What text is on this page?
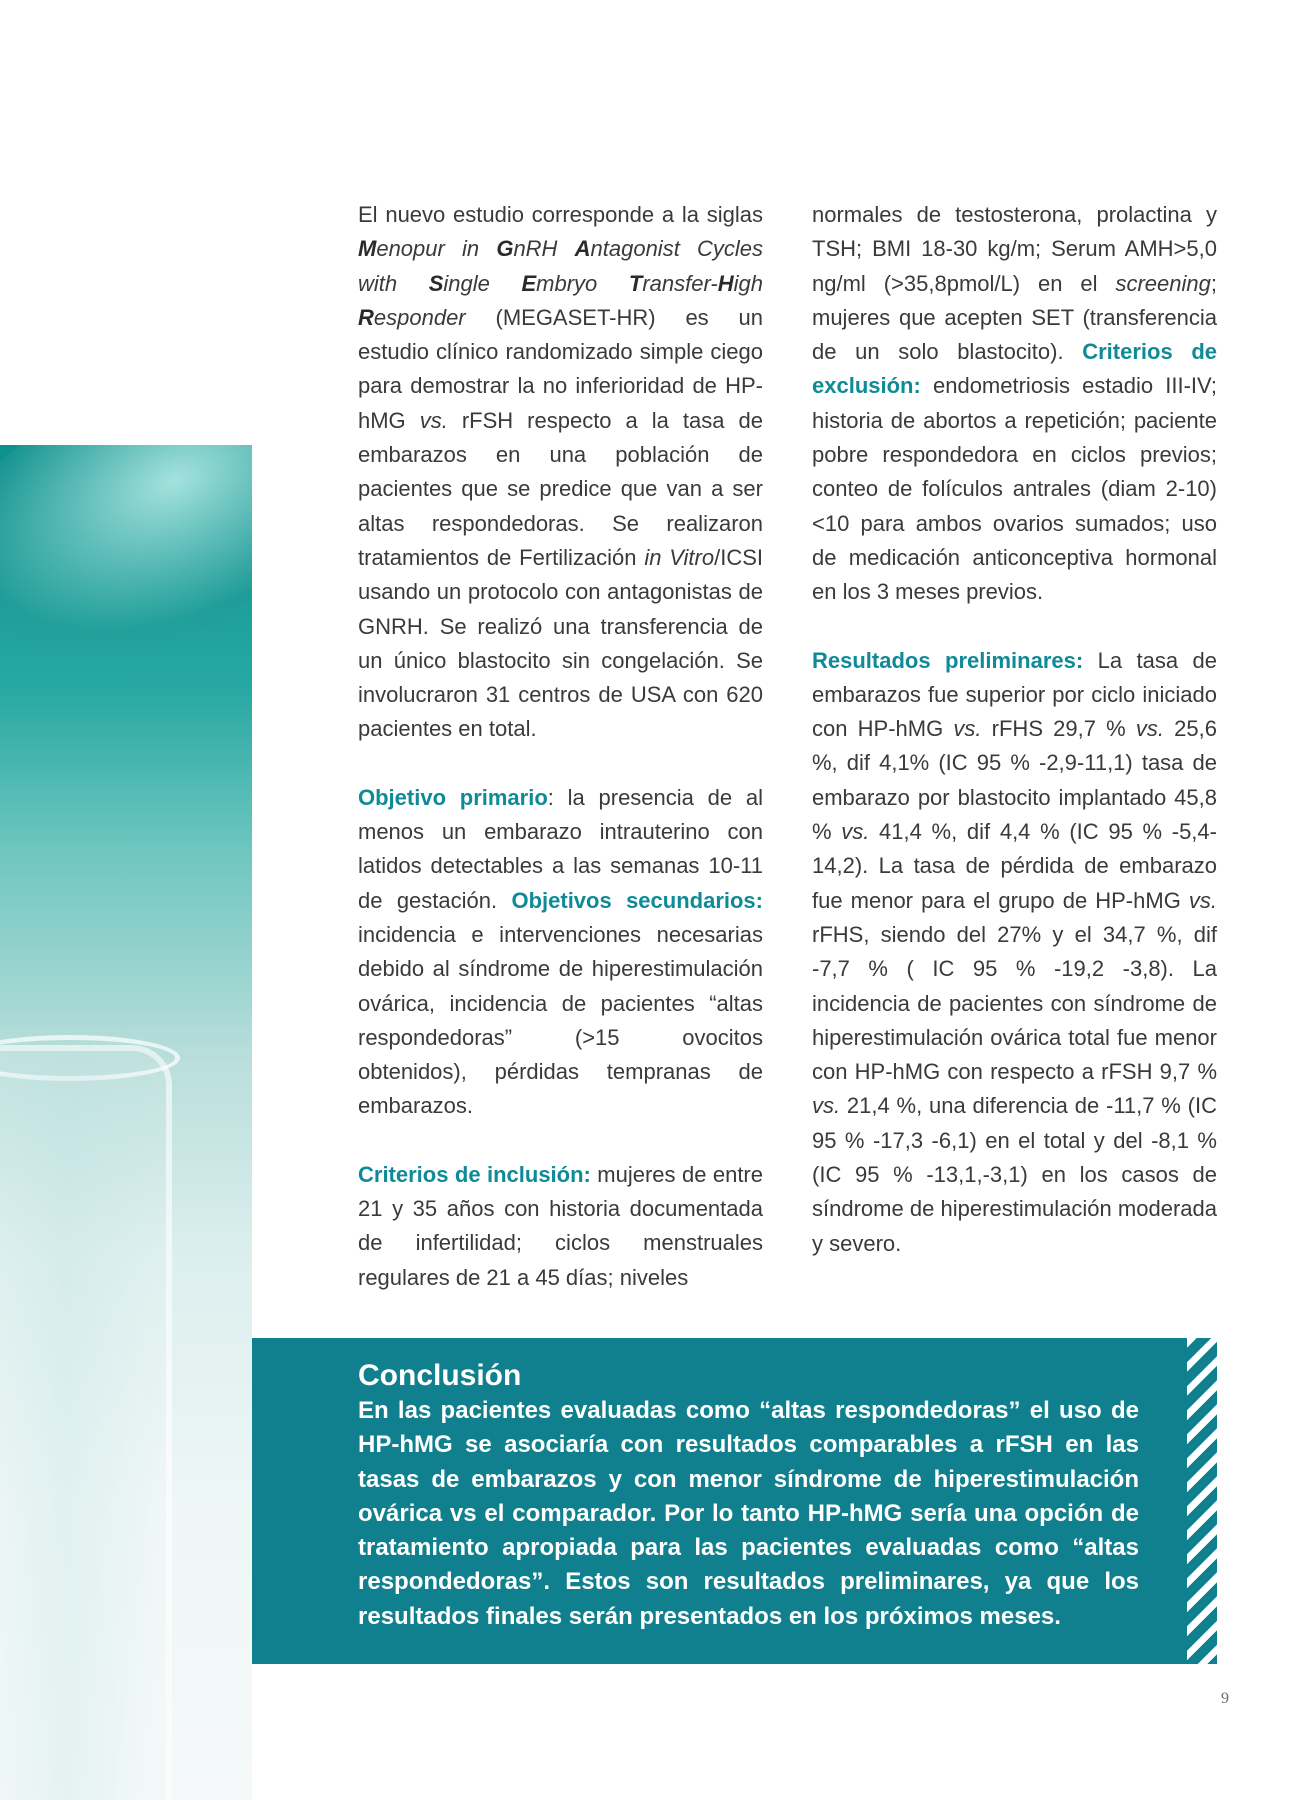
El nuevo estudio corresponde a la siglas Menopur in GnRH Antagonist Cycles with Single Embryo Transfer-High Responder (MEGASET-HR) es un estudio clínico randomizado simple ciego para demostrar la no inferioridad de HP-hMG vs. rFSH respecto a la tasa de embarazos en una población de pacientes que se predice que van a ser altas respondedoras. Se realizaron tratamientos de Fertilización in Vitro/ICSI usando un protocolo con antagonistas de GNRH. Se realizó una transferencia de un único blastocito sin congelación. Se involucraron 31 centros de USA con 620 pacientes en total.

Objetivo primario: la presencia de al menos un embarazo intrauterino con latidos detectables a las semanas 10-11 de gestación. Objetivos secundarios: incidencia e intervenciones necesarias debido al síndrome de hiperestimulación ovárica, incidencia de pacientes “altas respondedoras” (>15 ovocitos obtenidos), pérdidas tempranas de embarazos.

Criterios de inclusión: mujeres de entre 21 y 35 años con historia documentada de infertilidad; ciclos menstruales regulares de 21 a 45 días; niveles

normales de testosterona, prolactina y TSH; BMI 18-30 kg/m; Serum AMH>5,0 ng/ml (>35,8pmol/L) en el screening; mujeres que acepten SET (transferencia de un solo blastocito). Criterios de exclusión: endometriosis estadio III-IV; historia de abortos a repetición; paciente pobre respondedora en ciclos previos; conteo de folículos antrales (diam 2-10) <10 para ambos ovarios sumados; uso de medicación anticonceptiva hormonal en los 3 meses previos.

Resultados preliminares: La tasa de embarazos fue superior por ciclo iniciado con HP-hMG vs. rFHS 29,7 % vs. 25,6 %, dif 4,1% (IC 95 % -2,9-11,1) tasa de embarazo por blastocito implantado 45,8 % vs. 41,4 %, dif 4,4 % (IC 95 % -5,4-14,2). La tasa de pérdida de embarazo fue menor para el grupo de HP-hMG vs. rFHS, siendo del 27% y el 34,7 %, dif -7,7 % ( IC 95 % -19,2 -3,8). La incidencia de pacientes con síndrome de hiperestimulación ovárica total fue menor con HP-hMG con respecto a rFSH 9,7 % vs. 21,4 %, una diferencia de -11,7 % (IC 95 % -17,3 -6,1) en el total y del -8,1 % (IC 95 % -13,1,-3,1) en los casos de síndrome de hiperestimulación moderada y severo.

Conclusión
En las pacientes evaluadas como “altas respondedoras” el uso de HP-hMG se asociaría con resultados comparables a rFSH en las tasas de embarazos y con menor síndrome de hiperestimulación ovárica vs el comparador. Por lo tanto HP-hMG sería una opción de tratamiento apropiada para las pacientes evaluadas como “altas respondedoras”. Estos son resultados preliminares, ya que los resultados finales serán presentados en los próximos meses.
9
